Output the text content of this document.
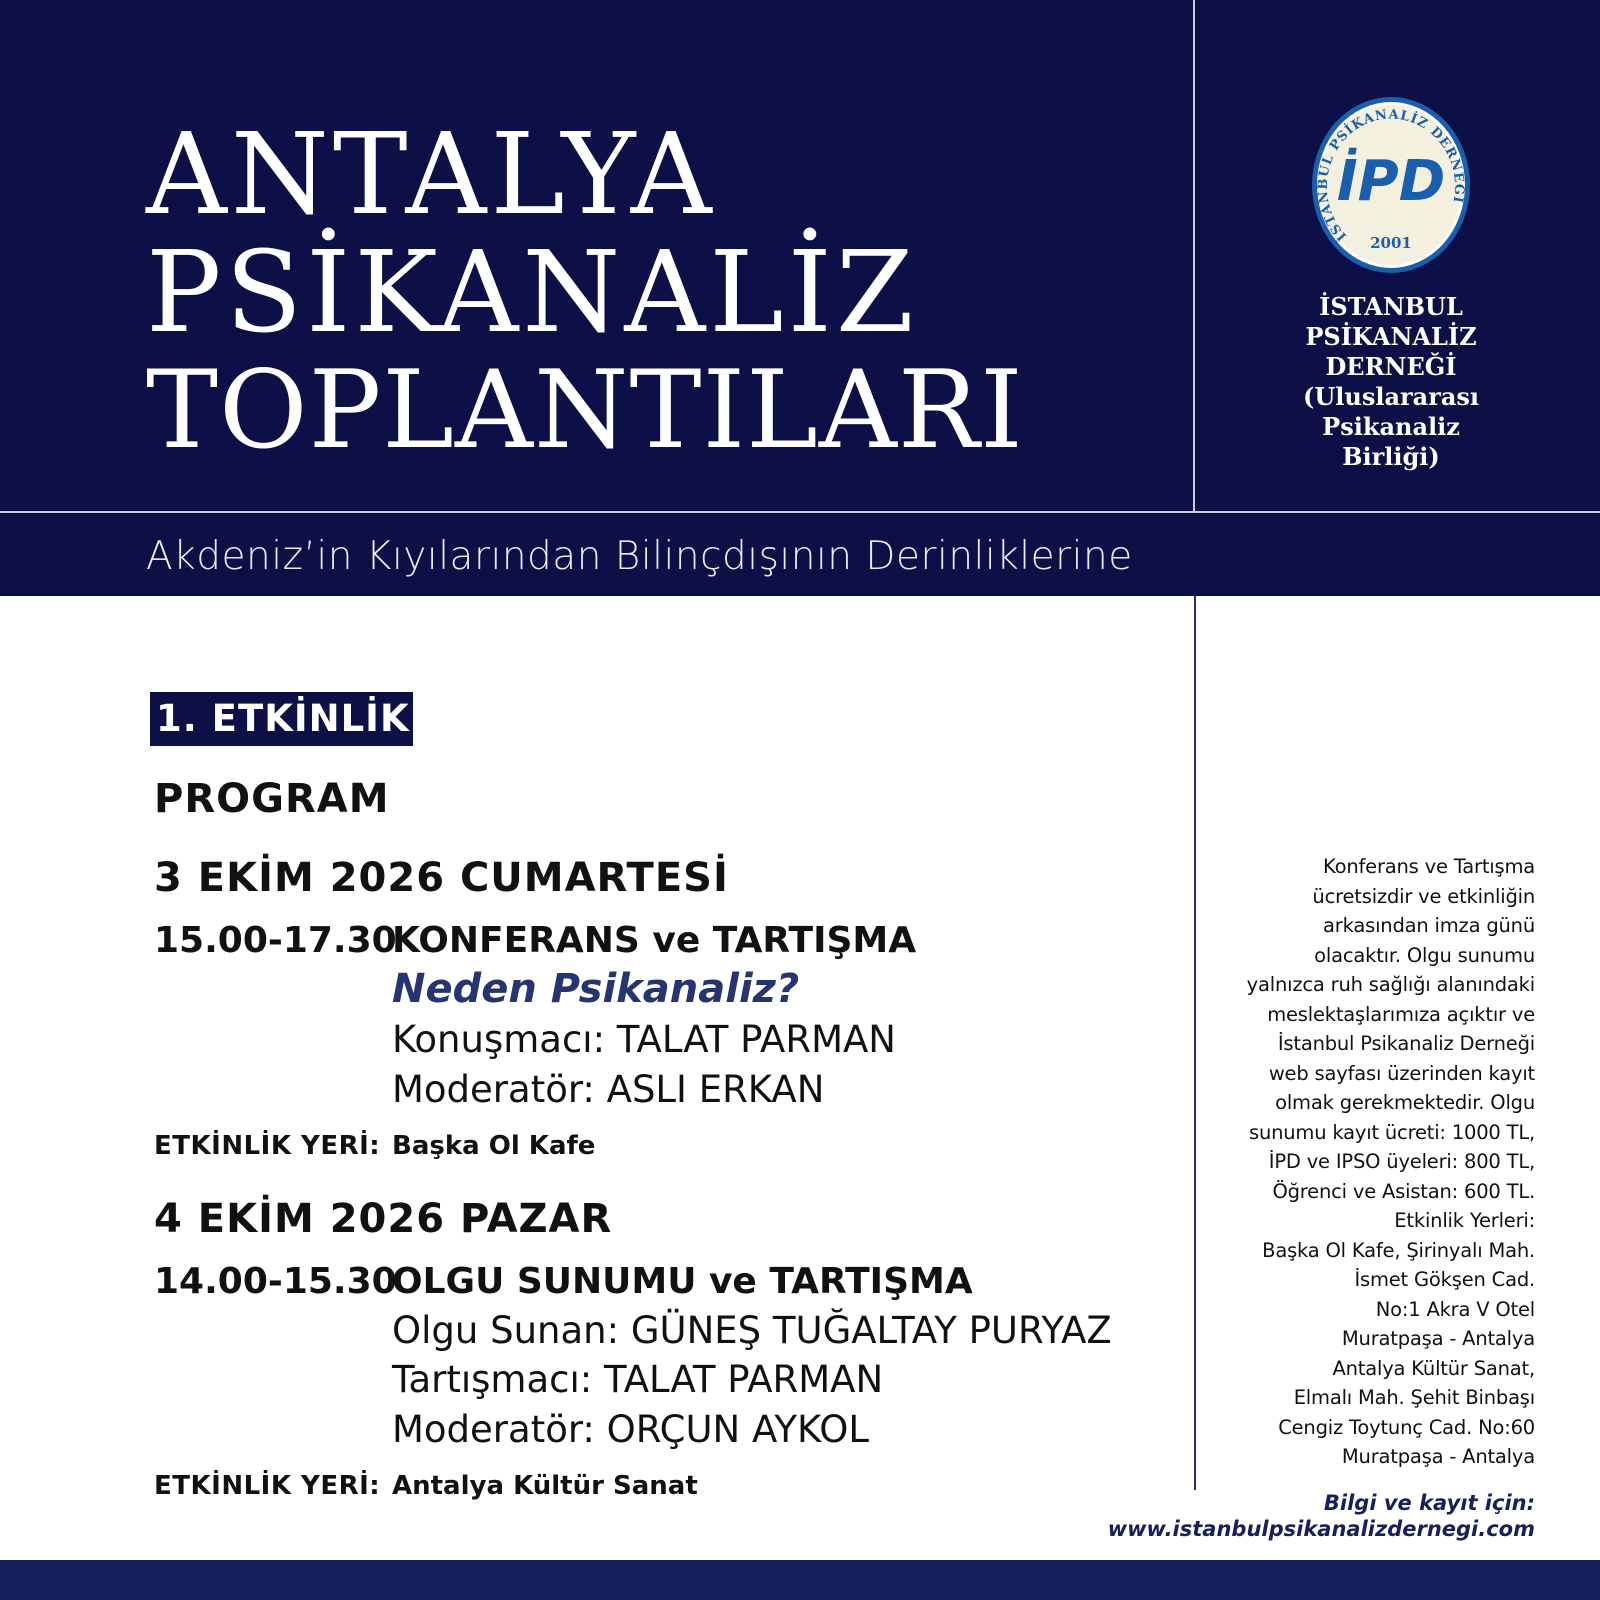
ANTALYA
PSİKANALİZ
TOPLANTILARI
Akdeniz’in Kıyılarından Bilinçdışının Derinliklerine
İSTANBUL PSİKANALİZ DERNEĞİ
İPD
2001
İSTANBUL
PSİKANALİZ
DERNEĞİ
(Uluslararası
Psikanaliz
Birliği)
1. ETKİNLİK
PROGRAM
3 EKİM 2026 CUMARTESİ
15.00-17.30
KONFERANS ve TARTIŞMA
Neden Psikanaliz?
Konuşmacı: TALAT PARMAN
Moderatör: ASLI ERKAN
ETKİNLİK YERİ: Başka Ol Kafe
4 EKİM 2026 PAZAR
14.00-15.30
OLGU SUNUMU ve TARTIŞMA
Olgu Sunan: GÜNEŞ TUĞALTAY PURYAZ
Tartışmacı: TALAT PARMAN
Moderatör: ORÇUN AYKOL
ETKİNLİK YERİ: Antalya Kültür Sanat
Konferans ve Tartışma
ücretsizdir ve etkinliğin
arkasından imza günü
olacaktır. Olgu sunumu
yalnızca ruh sağlığı alanındaki
meslektaşlarımıza açıktır ve
İstanbul Psikanaliz Derneği
web sayfası üzerinden kayıt
olmak gerekmektedir. Olgu
sunumu kayıt ücreti: 1000 TL,
İPD ve IPSO üyeleri: 800 TL,
Öğrenci ve Asistan: 600 TL.
Etkinlik Yerleri:
Başka Ol Kafe, Şirinyalı Mah.
İsmet Gökşen Cad.
No:1 Akra V Otel
Muratpaşa - Antalya
Antalya Kültür Sanat,
Elmalı Mah. Şehit Binbaşı
Cengiz Toytunç Cad. No:60
Muratpaşa - Antalya
Bilgi ve kayıt için:
www.istanbulpsikanalizdernegi.com
